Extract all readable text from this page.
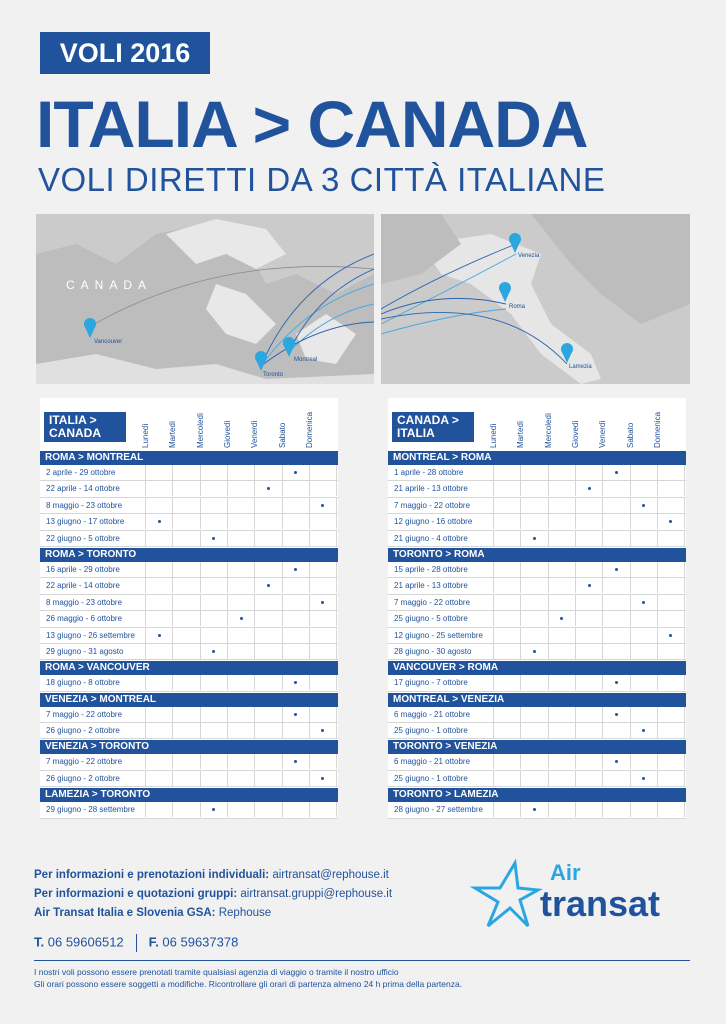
VOLI 2016
ITALIA > CANADA
VOLI DIRETTI DA 3 CITTÀ ITALIANE
CANADA
Vancouver
Toronto
Montreal
Venezia
Roma
Lamezia
ITALIA > CANADA	Lunedì Martedì Mercoledì Giovedì Venerdì Sabato Domenica
ROMA > MONTREAL
2 aprile - 29 ottobre
22 aprile - 14 ottobre
8 maggio - 23 ottobre
13 giugno - 17 ottobre
22 giugno - 5 ottobre
ROMA > TORONTO
16 aprile - 29 ottobre
22 aprile - 14 ottobre
8 maggio - 23 ottobre
26 maggio - 6 ottobre
13 giugno - 26 settembre
29 giugno - 31 agosto
ROMA > VANCOUVER
18 giugno - 8 ottobre
VENEZIA > MONTREAL
7 maggio - 22 ottobre
26 giugno - 2 ottobre
VENEZIA > TORONTO
7 maggio - 22 ottobre
26 giugno - 2 ottobre
LAMEZIA > TORONTO
29 giugno - 28 settembre
CANADA > ITALIA	Lunedì Martedì Mercoledì Giovedì Venerdì Sabato Domenica
MONTREAL > ROMA
1 aprile - 28 ottobre
21 aprile - 13 ottobre
7 maggio - 22 ottobre
12 giugno - 16 ottobre
21 giugno - 4 ottobre
TORONTO > ROMA
15 aprile - 28 ottobre
21 aprile - 13 ottobre
7 maggio - 22 ottobre
25 giugno - 5 ottobre
12 giugno - 25 settembre
28 giugno - 30 agosto
VANCOUVER > ROMA
17 giugno - 7 ottobre
MONTREAL > VENEZIA
6 maggio - 21 ottobre
25 giugno - 1 ottobre
TORONTO > VENEZIA
6 maggio - 21 ottobre
25 giugno - 1 ottobre
TORONTO > LAMEZIA
28 giugno - 27 settembre
Per informazioni e prenotazioni individuali: airtransat@rephouse.it
Per informazioni e quotazioni gruppi: airtransat.gruppi@rephouse.it
Air Transat Italia e Slovenia GSA: Rephouse
T. 06 59606512 F. 06 59637378
I nostri voli possono essere prenotati tramite qualsiasi agenzia di viaggio o tramite il nostro ufficio
Gli orari possono essere soggetti a modifiche. Ricontrollare gli orari di partenza almeno 24 h prima della partenza.
Air
transat
